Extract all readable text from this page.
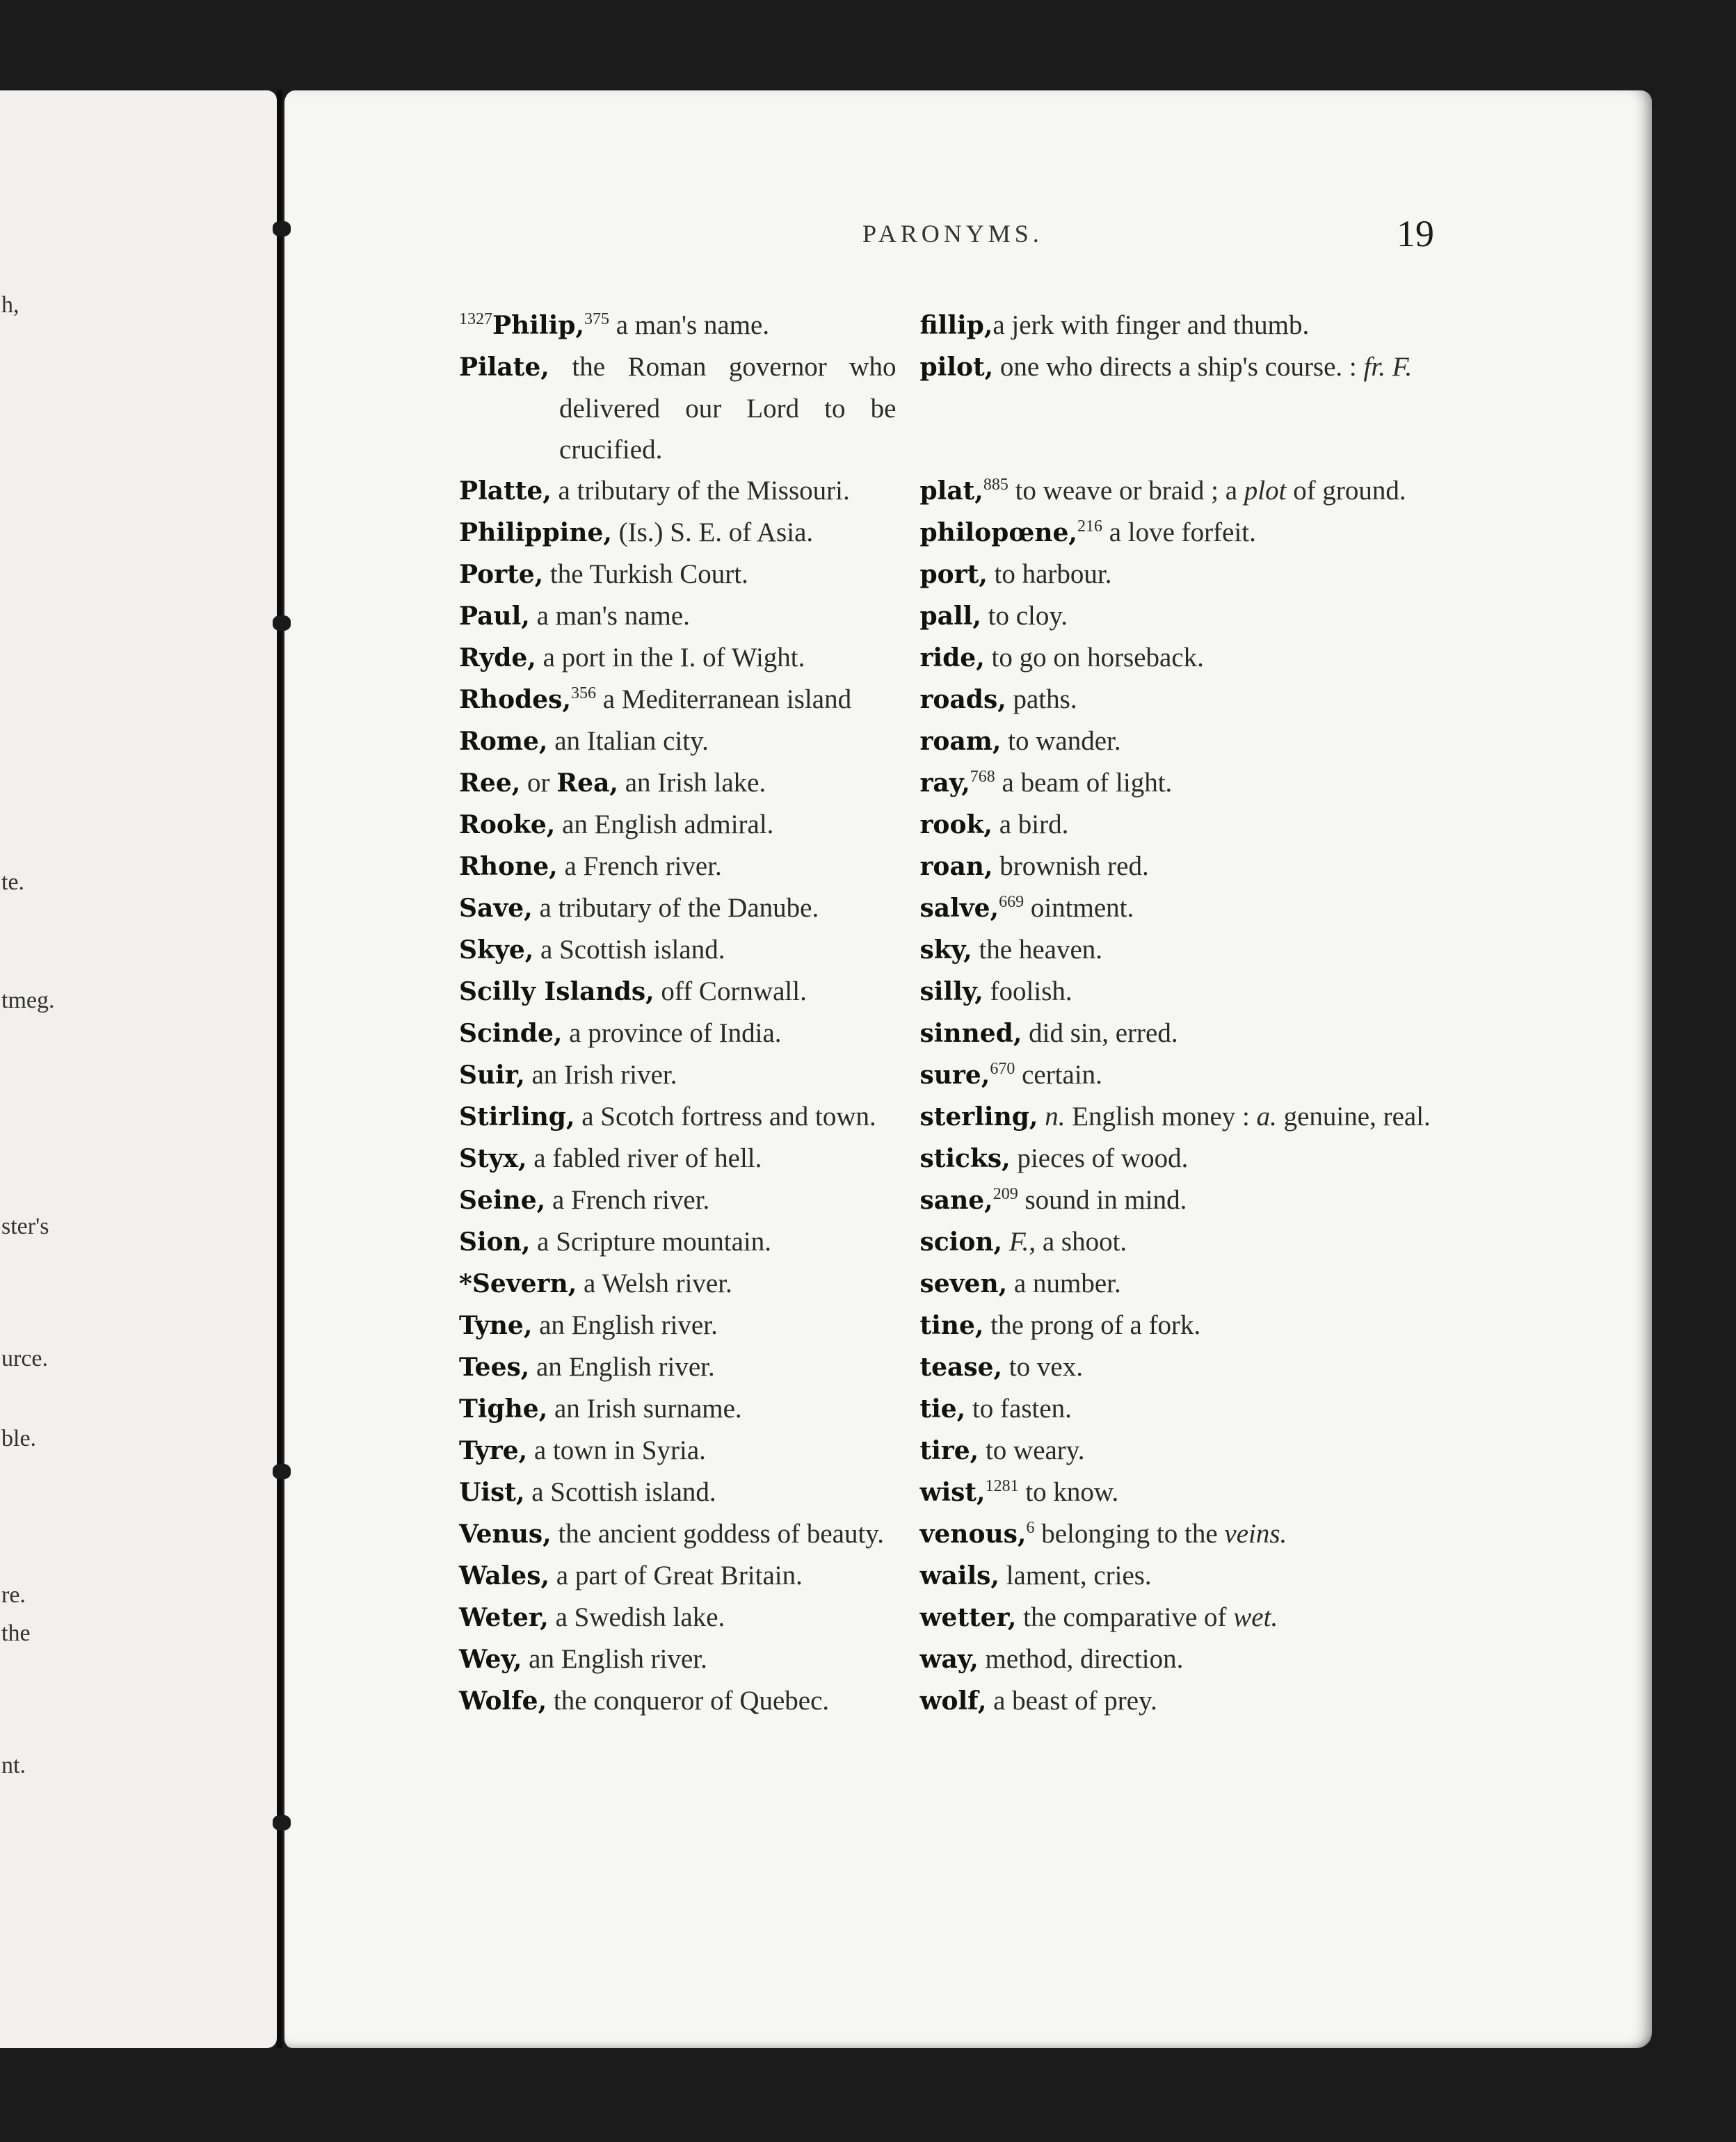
h,
te.
tmeg.
ster's
urce.
ble.
re.
the
nt.
PARONYMS.	19
$^{1327}$Philip,$^{375}$ a man's name.	fillip,a jerk with finger and thumb.
Pilate, the Roman governor who delivered our Lord to be crucified.
pilot, one who directs a ship's course. : fr. F.
Platte, a tributary of the Missouri.	plat,$^{885}$ to weave or braid ; a plot of ground.
Philippine, (Is.) S. E. of Asia.	philopœne,$^{216}$ a love forfeit.
Porte, the Turkish Court.	port, to harbour.
Paul, a man's name.	pall, to cloy.
Ryde, a port in the I. of Wight.	ride, to go on horseback.
Rhodes,$^{356}$ a Mediterranean island	roads, paths.
Rome, an Italian city.	roam, to wander.
Ree, or Rea, an Irish lake.	ray,$^{768}$ a beam of light.
Rooke, an English admiral.	rook, a bird.
Rhone, a French river.	roan, brownish red.
Save, a tributary of the Danube.	salve,$^{669}$ ointment.
Skye, a Scottish island.	sky, the heaven.
Scilly Islands, off Cornwall.	silly, foolish.
Scinde, a province of India.	sinned, did sin, erred.
Suir, an Irish river.	sure,$^{670}$ certain.
Stirling, a Scotch fortress and town.	sterling, n. English money : a. genuine, real.
Styx, a fabled river of hell.	sticks, pieces of wood.
Seine, a French river.	sane,$^{209}$ sound in mind.
Sion, a Scripture mountain.	scion, F., a shoot.
*Severn, a Welsh river.	seven, a number.
Tyne, an English river.	tine, the prong of a fork.
Tees, an English river.	tease, to vex.
Tighe, an Irish surname.	tie, to fasten.
Tyre, a town in Syria.	tire, to weary.
Uist, a Scottish island.	wist,$^{1281}$ to know.
Venus, the ancient goddess of beauty.	venous,$^6$ belonging to the veins.
Wales, a part of Great Britain.	wails, lament, cries.
Weter, a Swedish lake.	wetter, the comparative of wet.
Wey, an English river.	way, method, direction.
Wolfe, the conqueror of Quebec.	wolf, a beast of prey.
